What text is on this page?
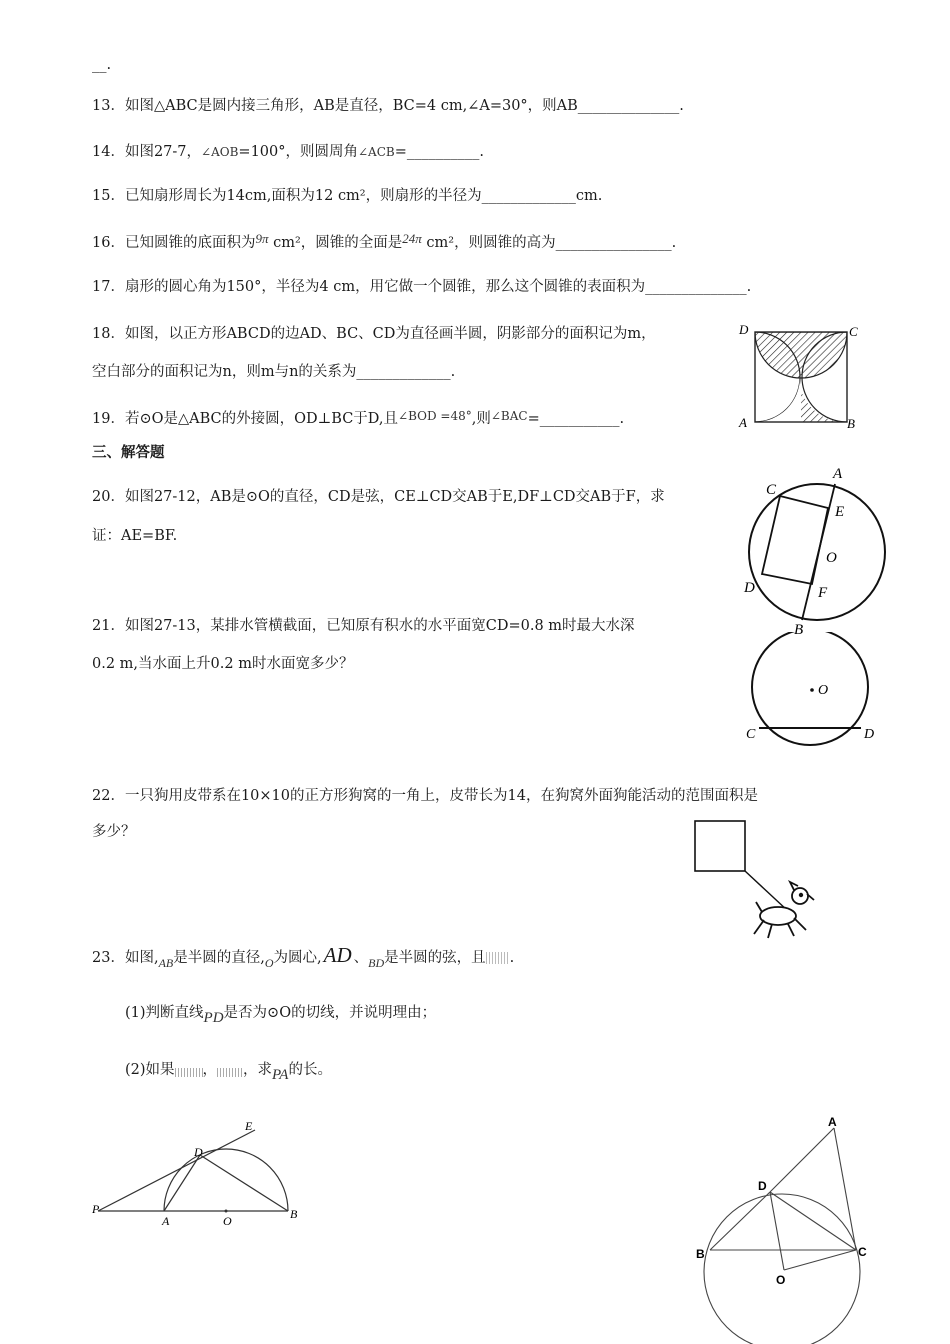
__.
13．如图△ABC是圆内接三角形，AB是直径，BC=4 cm,∠A=30°，则AB______________.
14．如图27-7，∠AOB=100°，则圆周角∠ACB=__________.
15．已知扇形周长为14cm,面积为12 cm²，则扇形的半径为_____________cm.
16．已知圆锥的底面积为9π cm²，圆锥的全面是24π cm²，则圆锥的高为________________.
17．扇形的圆心角为150°，半径为4 cm，用它做一个圆锥，那么这个圆锥的表面积为______________.
18．如图，以正方形ABCD的边AD、BC、CD为直径画半圆，阴影部分的面积记为m，
空白部分的面积记为n，则m与n的关系为_____________.
19．若⊙O是△ABC的外接圆，OD⊥BC于D,且$^{\angle BOD =48^\circ}$,则$^{\angle BAC}$=___________.
三、解答题
20．如图27-12，AB是⊙O的直径，CD是弦，CE⊥CD交AB于E,DF⊥CD交AB于F，求
证：AE=BF.
21．如图27-13，某排水管横截面，已知原有积水的水平面宽CD=0.8 m时最大水深
0.2 m,当水面上升0.2 m时水面宽多少？
22．一只狗用皮带系在10×10的正方形狗窝的一角上，皮带长为14，在狗窝外面狗能活动的范围面积是
多少？
23．如图$,_{AB}$是半圆的直径$,_O$为圆心,AD 、$_{BD}$是半圆的弦，且 .
(1)判断直线PD是否为⊙O的切线，并说明理由；
(2)如果 ， ，求PA的长。
D	C
A	B
A
C
E
O
D	F
B
O
C	D
P
A	O	B
D
E	A
D
B	C
O
